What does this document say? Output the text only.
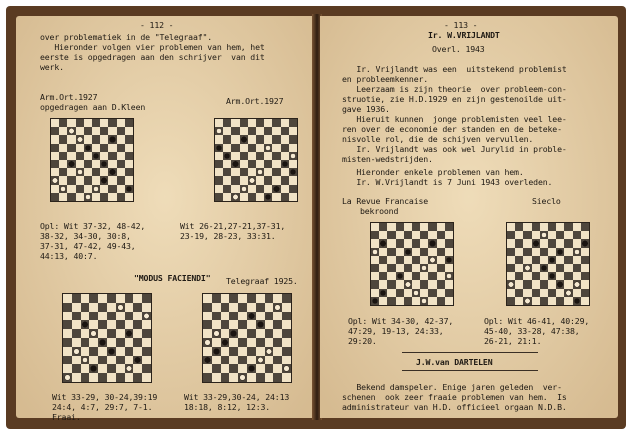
- 112 -
over problematiek in de "Telegraaf".
Hieronder volgen vier problemen van hem, het
eerste is opgedragen aan den schrijver  van dit
werk.
Arm.Ort.1927
opgedragen aan D.Kleen
Arm.Ort.1927
Opl: Wit 37-32, 48-42,
38-32, 34-30, 30:8,
37-31, 47-42, 49-43,
44:13, 40:7.
Wit 26-21,27-21,37-31,
23-19, 28-23, 33:31.
"MODUS FACIENDI" Telegraaf 1925.
Wit 33-29, 30-24,39:19
24:4, 4:7, 29:7, 7-1.
Fraai.
Wit 33-29,30-24, 24:13
18:18, 8:12, 12:3.
- 113 -
Ir. W.VRIJLANDT
Overl. 1943
Ir. Vrijlandt was een  uitstekend problemist
en probleemkenner.
Leerzaam is zijn theorie  over probleem-con-
struotie, zie H.D.1929 en zijn gestenoilde uit-
gave 1936.
Hieruit kunnen  jonge problemisten veel lee-
ren over de economie der standen en de beteke-
nisvolle rol, die de schijven vervullen.
Ir. Vrijlandt was ook wel Jurylid in proble-
misten-wedstrijden.
Hieronder enkele problemen van hem.
Ir. W.Vrijlandt is 7 Juni 1943 overleden.
La Revue Francaise
bekroond
Sieclo
Opl: Wit 34-30, 42-37,
47:29, 19-13, 24:33,
29:20.
Opl: Wit 46-41, 40:29,
45-40, 33-28, 47:38,
26-21, 21:1.
J.W.van DARTELEN
Bekend damspeler. Enige jaren geleden  ver-
schenen  ook zeer fraaie problemen van hem.  Is
administrateur van H.D. officieel orgaan N.D.B.
